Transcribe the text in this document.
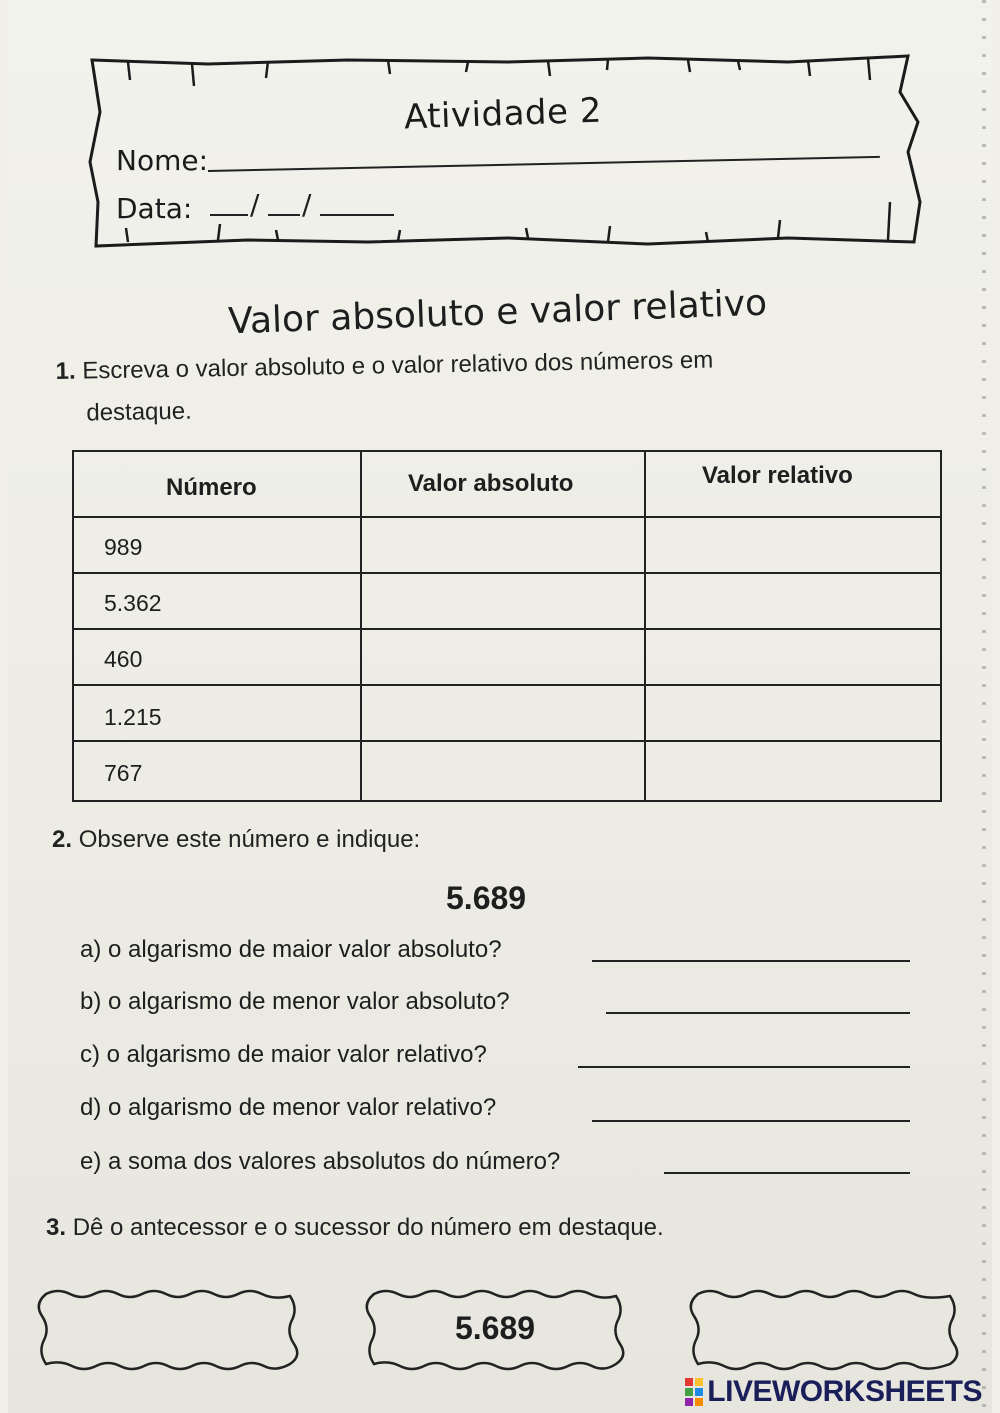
Atividade 2
Nome:
Data: / /
Valor absoluto e valor relativo
1. Escreva o valor absoluto e o valor relativo dos números em
destaque.
Número	Valor absoluto	Valor relativo
989
5.362
460
1.215
767
2. Observe este número e indique:
5.689
a) o algarismo de maior valor absoluto?
b) o algarismo de menor valor absoluto?
c) o algarismo de maior valor relativo?
d) o algarismo de menor valor relativo?
e) a soma dos valores absolutos do número?
3. Dê o antecessor e o sucessor do número em destaque.
5.689
LIVEWORKSHEETS
